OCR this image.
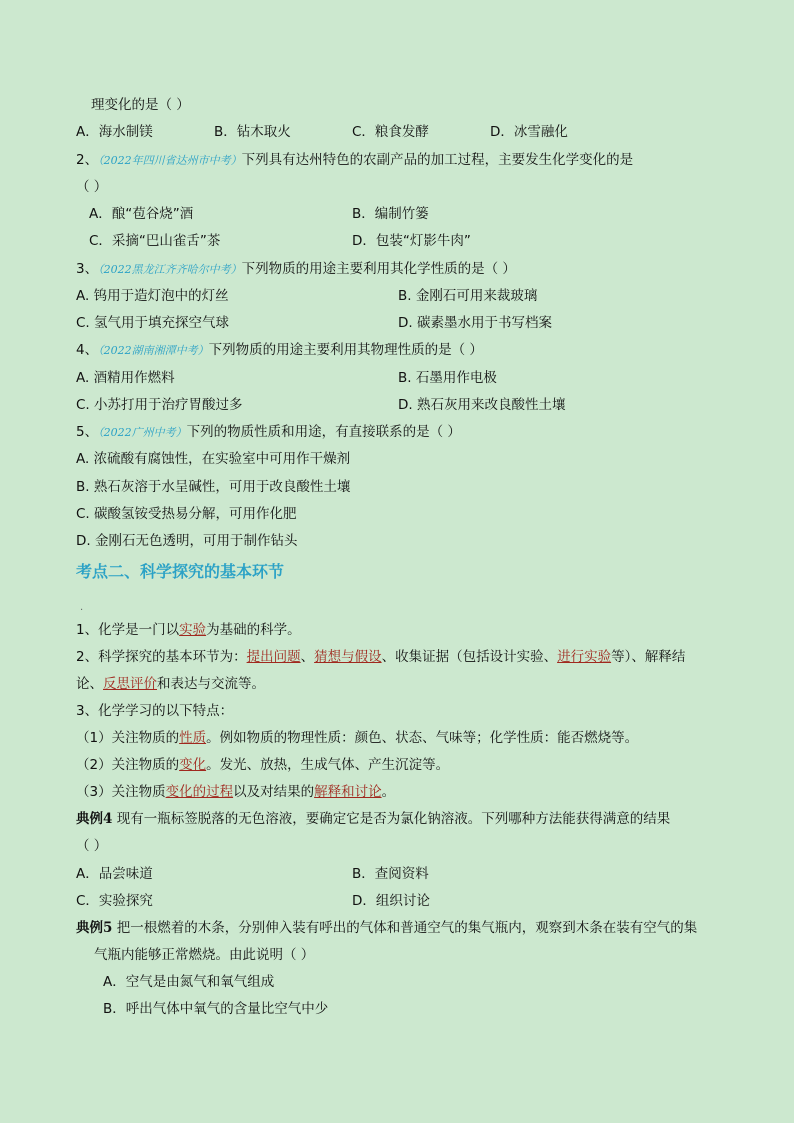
理变化的是（ ）
A．海水制镁	B．钻木取火	C．粮食发酵	D．冰雪融化
2、（2022年四川省达州市中考）下列具有达州特色的农副产品的加工过程，主要发生化学变化的是
（ ）
A．酿“苞谷烧”酒	B．编制竹篓
C．采摘“巴山雀舌”茶	D．包装“灯影牛肉”
3、（2022黑龙江齐齐哈尔中考）下列物质的用途主要利用其化学性质的是（ ）
A. 钨用于造灯泡中的灯丝	B. 金刚石可用来裁玻璃
C. 氢气用于填充探空气球	D. 碳素墨水用于书写档案
4、（2022湖南湘潭中考）下列物质的用途主要利用其物理性质的是（ ）
A. 酒精用作燃料	B. 石墨用作电极
C. 小苏打用于治疗胃酸过多	D. 熟石灰用来改良酸性土壤
5、（2022广州中考）下列的物质性质和用途，有直接联系的是（ ）
A. 浓硫酸有腐蚀性，在实验室中可用作干燥剂
B. 熟石灰溶于水呈碱性，可用于改良酸性土壤
C. 碳酸氢铵受热易分解，可用作化肥
D. 金刚石无色透明，可用于制作钻头
考点二、科学探究的基本环节
.
1、化学是一门以实验为基础的科学。
2、科学探究的基本环节为：提出问题、猜想与假设、收集证据（包括设计实验、进行实验等）、解释结
论、反思评价和表达与交流等。
3、化学学习的以下特点：
（1）关注物质的性质。例如物质的物理性质：颜色、状态、气味等；化学性质：能否燃烧等。
（2）关注物质的变化。发光、放热，生成气体、产生沉淀等。
（3）关注物质变化的过程以及对结果的解释和讨论。
典例4 现有一瓶标签脱落的无色溶液，要确定它是否为氯化钠溶液。下列哪种方法能获得满意的结果
（ ）
A．品尝味道	B．查阅资料
C．实验探究	D．组织讨论
典例5 把一根燃着的木条，分别伸入装有呼出的气体和普通空气的集气瓶内，观察到木条在装有空气的集
气瓶内能够正常燃烧。由此说明（ ）
A．空气是由氮气和氧气组成
B．呼出气体中氧气的含量比空气中少
